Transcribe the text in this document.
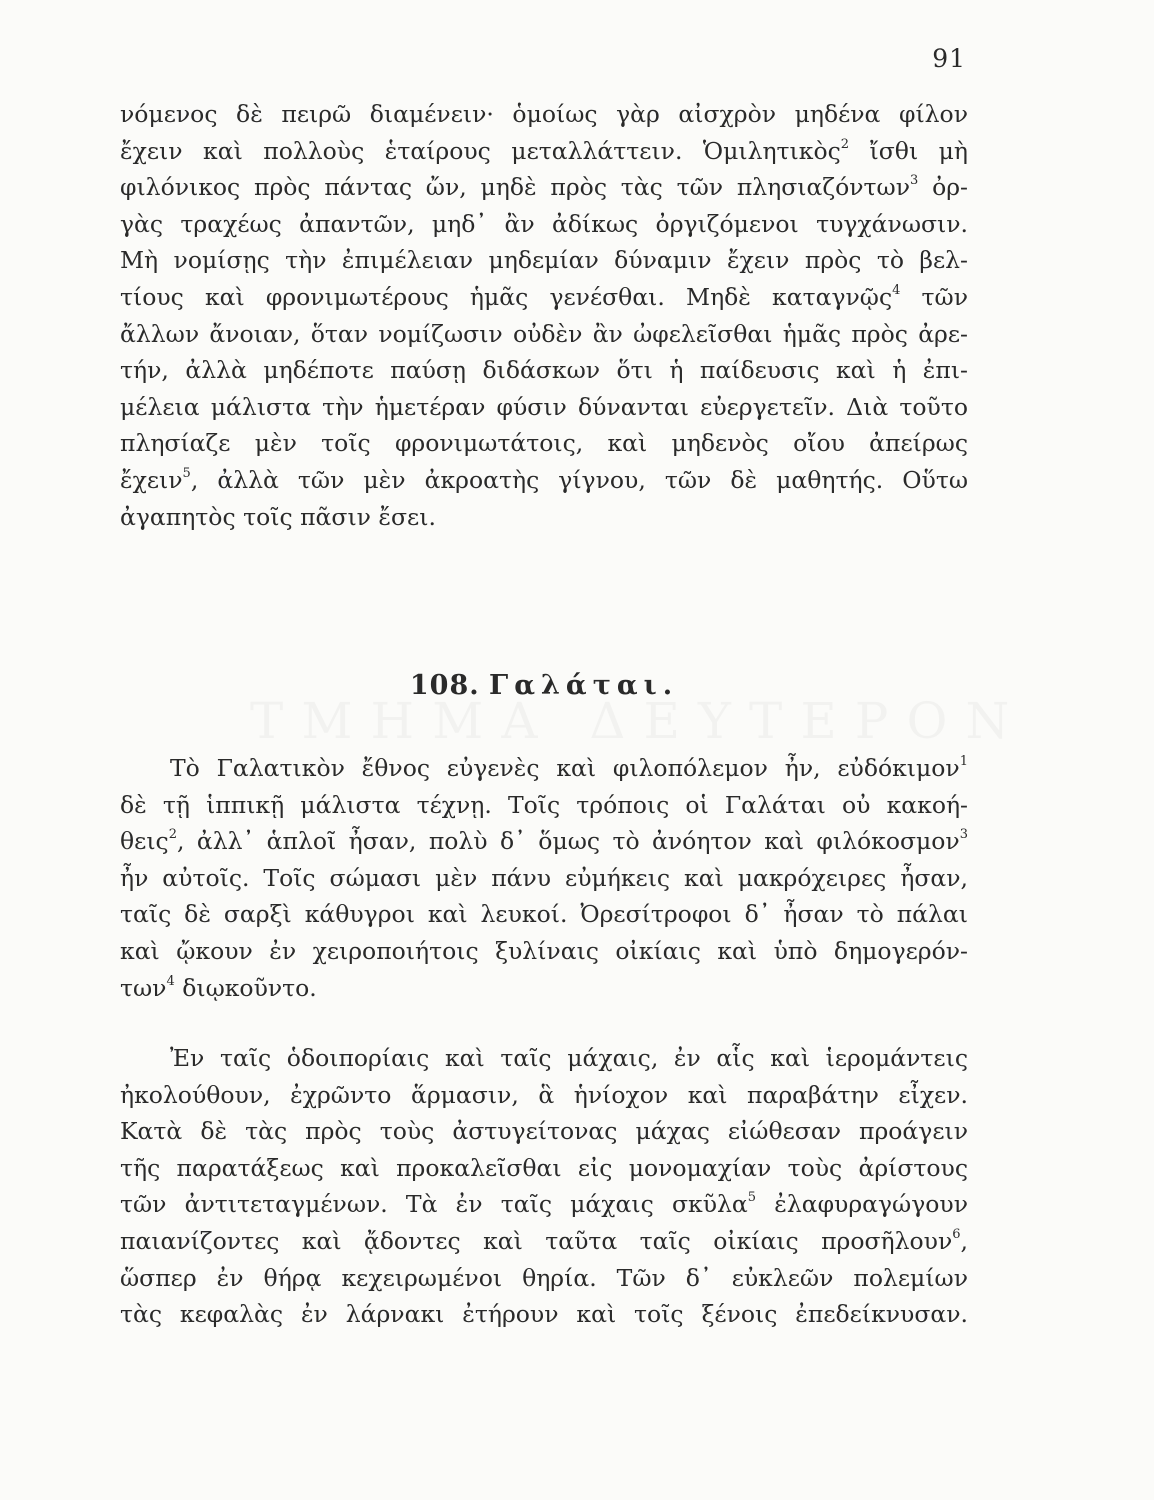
91
νόμενος δὲ πειρῶ διαμένειν· ὁμοίως γὰρ αἰσχρὸν μηδένα φίλον
ἔχειν καὶ πολλοὺς ἑταίρους μεταλλάττειν. Ὁμιλητικὸς$^2$ ἴσθι μὴ
φιλόνικος πρὸς πάντας ὤν, μηδὲ πρὸς τὰς τῶν πλησιαζόντων$^3$ ὀρ-
γὰς τραχέως ἀπαντῶν, μηδ᾽ ἂν ἀδίκως ὀργιζόμενοι τυγχάνωσιν.
Μὴ νομίσῃς τὴν ἐπιμέλειαν μηδεμίαν δύναμιν ἔχειν πρὸς τὸ βελ-
τίους καὶ φρονιμωτέρους ἡμᾶς γενέσθαι. Μηδὲ καταγνῷς$^4$ τῶν
ἄλλων ἄνοιαν, ὅταν νομίζωσιν οὐδὲν ἂν ὠφελεῖσθαι ἡμᾶς πρὸς ἀρε-
τήν, ἀλλὰ μηδέποτε παύσῃ διδάσκων ὅτι ἡ παίδευσις καὶ ἡ ἐπι-
μέλεια μάλιστα τὴν ἡμετέραν φύσιν δύνανται εὐεργετεῖν. Διὰ τοῦτο
πλησίαζε μὲν τοῖς φρονιμωτάτοις, καὶ μηδενὸς οἴου ἀπείρως
ἔχειν$^5$, ἀλλὰ τῶν μὲν ἀκροατὴς γίγνου, τῶν δὲ μαθητής. Οὕτω
ἀγαπητὸς τοῖς πᾶσιν ἔσει.
108. Γαλάται.
Τὸ Γαλατικὸν ἔθνος εὐγενὲς καὶ φιλοπόλεμον ἦν, εὐδόκιμον$^1$
δὲ τῇ ἱππικῇ μάλιστα τέχνῃ. Τοῖς τρόποις οἱ Γαλάται οὐ κακοή-
θεις$^2$, ἀλλ᾽ ἁπλοῖ ἦσαν, πολὺ δ᾽ ὅμως τὸ ἀνόητον καὶ φιλόκοσμον$^3$
ἦν αὐτοῖς. Τοῖς σώμασι μὲν πάνυ εὐμήκεις καὶ μακρόχειρες ἦσαν,
ταῖς δὲ σαρξὶ κάθυγροι καὶ λευκοί. Ὀρεσίτροφοι δ᾽ ἦσαν τὸ πάλαι
καὶ ᾤκουν ἐν χειροποιήτοις ξυλίναις οἰκίαις καὶ ὑπὸ δημογερόν-
των$^4$ διῳκοῦντο.
Ἐν ταῖς ὁδοιπορίαις καὶ ταῖς μάχαις, ἐν αἷς καὶ ἱερομάντεις
ἠκολούθουν, ἐχρῶντο ἅρμασιν, ἃ ἡνίοχον καὶ παραβάτην εἶχεν.
Κατὰ δὲ τὰς πρὸς τοὺς ἀστυγείτονας μάχας εἰώθεσαν προάγειν
τῆς παρατάξεως καὶ προκαλεῖσθαι εἰς μονομαχίαν τοὺς ἀρίστους
τῶν ἀντιτεταγμένων. Τὰ ἐν ταῖς μάχαις σκῦλα$^5$ ἐλαφυραγώγουν
παιανίζοντες καὶ ᾄδοντες καὶ ταῦτα ταῖς οἰκίαις προσῆλουν$^6$,
ὥσπερ ἐν θήρᾳ κεχειρωμένοι θηρία. Τῶν δ᾽ εὐκλεῶν πολεμίων
τὰς κεφαλὰς ἐν λάρνακι ἐτήρουν καὶ τοῖς ξένοις ἐπεδείκνυσαν.
